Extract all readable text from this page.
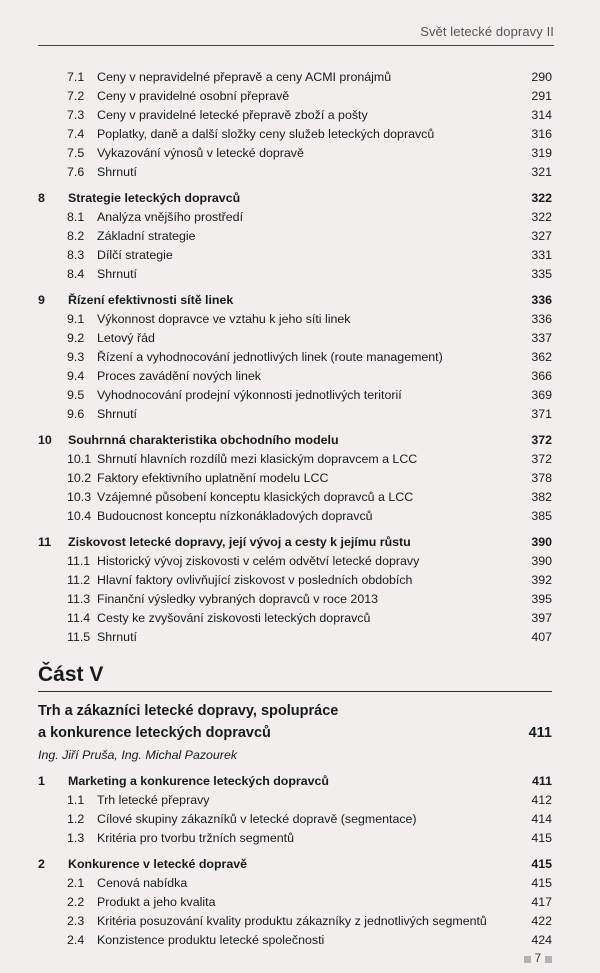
Svět letecké dopravy II
7.1	Ceny v nepravidelné přepravě a ceny ACMI pronájmů	290
7.2	Ceny v pravidelné osobní přepravě	291
7.3	Ceny v pravidelné letecké přepravě zboží a pošty	314
7.4	Poplatky, daně a další složky ceny služeb leteckých dopravců	316
7.5	Vykazování výnosů v letecké dopravě	319
7.6	Shrnutí	321
8	Strategie leteckých dopravců	322
8.1	Analýza vnějšího prostředí	322
8.2	Základní strategie	327
8.3	Dílčí strategie	331
8.4	Shrnutí	335
9	Řízení efektivnosti sítě linek	336
9.1	Výkonnost dopravce ve vztahu k jeho síti linek	336
9.2	Letový řád	337
9.3	Řízení a vyhodnocování jednotlivých linek (route management)	362
9.4	Proces zavádění nových linek	366
9.5	Vyhodnocování prodejní výkonnosti jednotlivých teritorií	369
9.6	Shrnutí	371
10	Souhrnná charakteristika obchodního modelu	372
10.1 Shrnutí hlavních rozdílů mezi klasickým dopravcem a LCC	372
10.2 Faktory efektivního uplatnění modelu LCC	378
10.3 Vzájemné působení konceptu klasických dopravců a LCC	382
10.4 Budoucnost konceptu nízkonákladových dopravců	385
11	Ziskovost letecké dopravy, její vývoj a cesty k jejímu růstu	390
11.1 Historický vývoj ziskovosti v celém odvětví letecké dopravy	390
11.2 Hlavní faktory ovlivňující ziskovost v posledních obdobích	392
11.3 Finanční výsledky vybraných dopravců v roce 2013	395
11.4 Cesty ke zvyšování ziskovosti leteckých dopravců	397
11.5 Shrnutí	407
Část V
Trh a zákazníci letecké dopravy, spolupráce
a konkurence leteckých dopravců	411
Ing. Jiří Pruša, Ing. Michal Pazourek
1	Marketing a konkurence leteckých dopravců	411
1.1	Trh letecké přepravy	412
1.2	Cílové skupiny zákazníků v letecké dopravě (segmentace)	414
1.3	Kritéria pro tvorbu tržních segmentů	415
2	Konkurence v letecké dopravě	415
2.1	Cenová nabídka	415
2.2	Produkt a jeho kvalita	417
2.3	Kritéria posuzování kvality produktu zákazníky z jednotlivých segmentů	422
2.4	Konzistence produktu letecké společnosti	424
7
